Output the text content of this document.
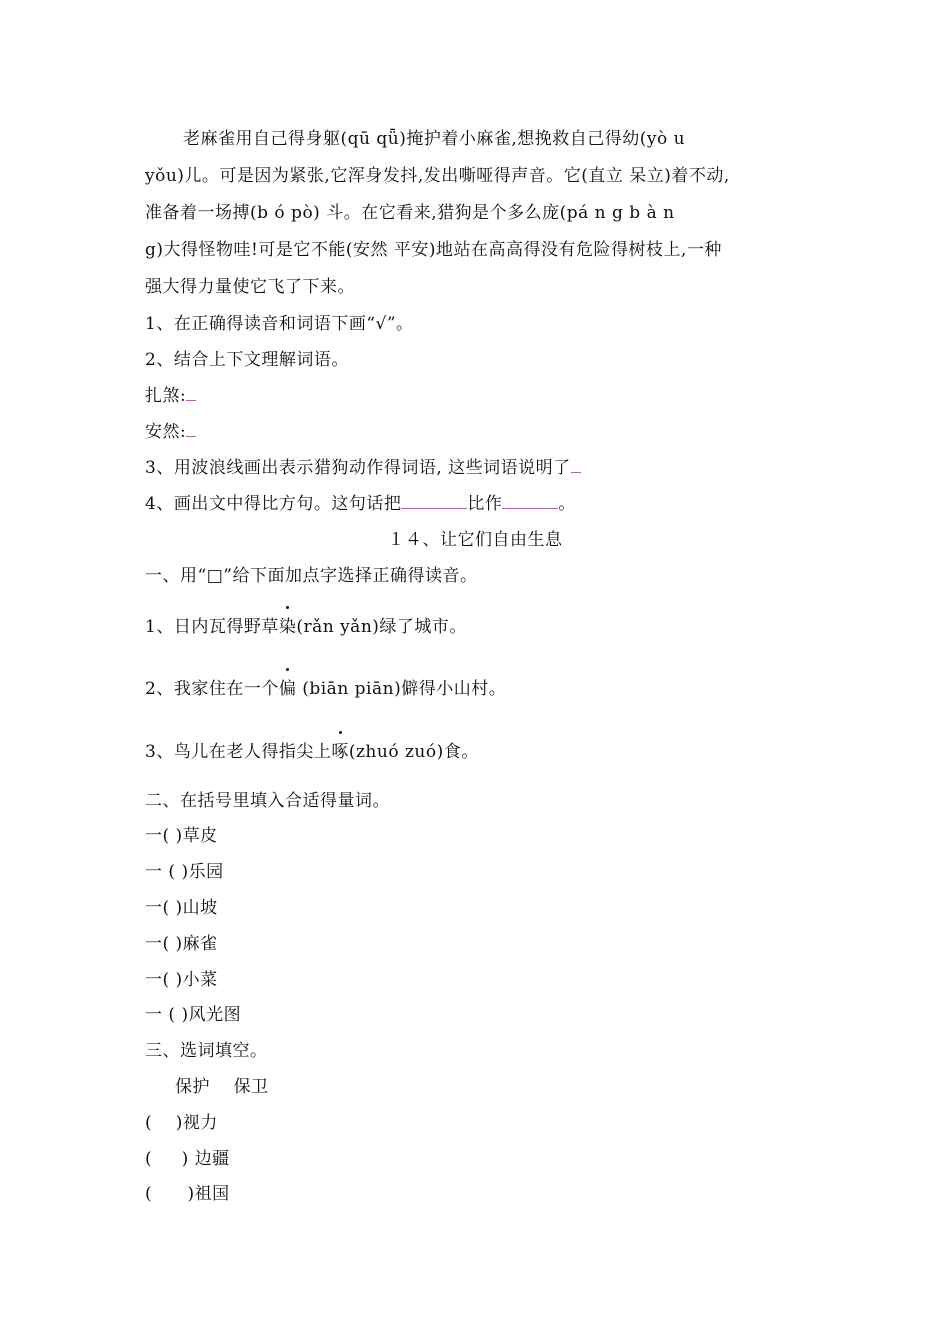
老麻雀用自己得身躯(qū qǖ)掩护着小麻雀,想挽救自己得幼(yò u
yǒu)儿。可是因为紧张,它浑身发抖,发出嘶哑得声音。它(直立 呆立)着不动,
准备着一场搏(b ó pò) 斗。在它看来,猎狗是个多么庞(pá n g b à n
g)大得怪物哇!可是它不能(安然 平安)地站在高高得没有危险得树枝上,一种
强大得力量使它飞了下来。
1、在正确得读音和词语下画“√”。
2、结合上下文理解词语。
扎煞:
安然:
3、用波浪线画出表示猎狗动作得词语, 这些词语说明了
4、画出文中得比方句。这句话把	比作	。
１４、让它们自由生息
一、用“□”给下面加点字选择正确得读音。
1、日内瓦得野草染(rǎn yǎn)绿了城市。
2、我家住在一个偏 (biān piān)僻得小山村。
3、鸟儿在老人得指尖上啄(zhuó zuó)食。
二、在括号里填入合适得量词。
一( )草皮
一 ( )乐园
一( )山坡
一( )麻雀
一( )小菜
一 ( )风光图
三、选词填空。
保护    保卫
(    )视力
(     ) 边疆
(      )祖国
